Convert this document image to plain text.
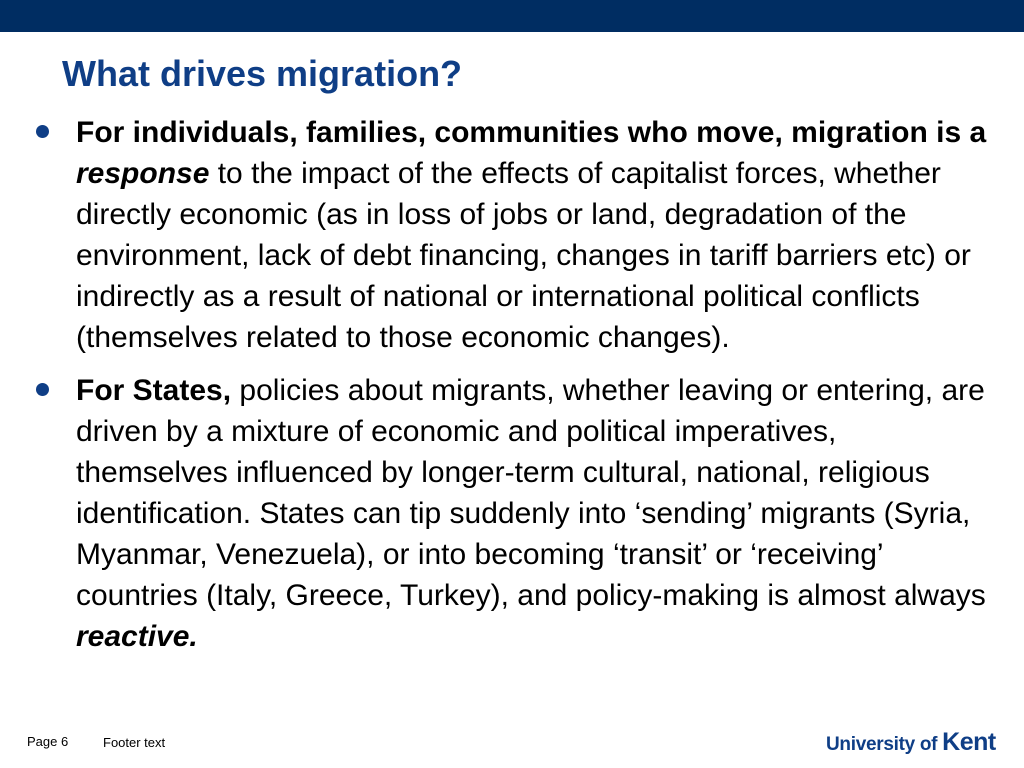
What drives migration?
For individuals, families, communities who move, migration is a response to the impact of the effects of capitalist forces, whether directly economic (as in loss of jobs or land, degradation of the environment, lack of debt financing, changes in tariff barriers etc) or indirectly as a result of national or international political conflicts (themselves related to those economic changes).
For States, policies about migrants, whether leaving or entering, are driven by a mixture of economic and political imperatives, themselves influenced by longer-term cultural, national, religious identification. States can tip suddenly into ‘sending’ migrants (Syria, Myanmar, Venezuela), or into becoming ‘transit’ or ‘receiving’ countries (Italy, Greece, Turkey), and policy-making is almost always reactive.
Page 6	Footer text	University of Kent
